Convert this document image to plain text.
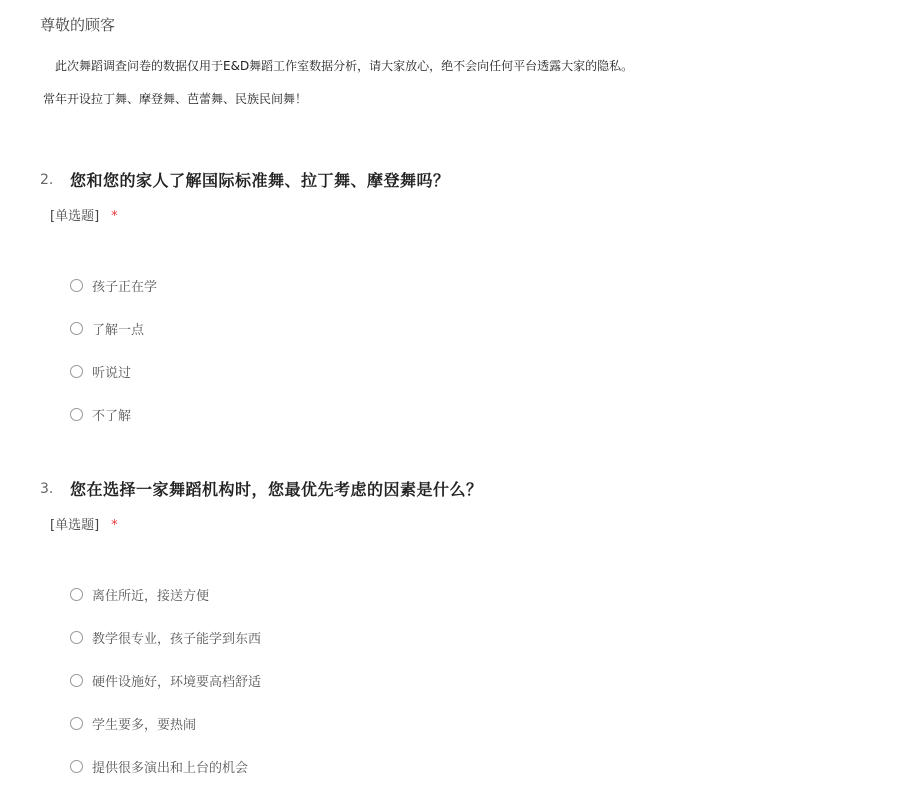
尊敬的顾客
此次舞蹈调查问卷的数据仅用于E&D舞蹈工作室数据分析，请大家放心，绝不会向任何平台透露大家的隐私。
常年开设拉丁舞、摩登舞、芭蕾舞、民族民间舞！
2. 您和您的家人了解国际标准舞、拉丁舞、摩登舞吗？
[单选题] *
孩子正在学
了解一点
听说过
不了解
3. 您在选择一家舞蹈机构时，您最优先考虑的因素是什么？
[单选题] *
离住所近，接送方便
教学很专业，孩子能学到东西
硬件设施好，环境要高档舒适
学生要多，要热闹
提供很多演出和上台的机会
